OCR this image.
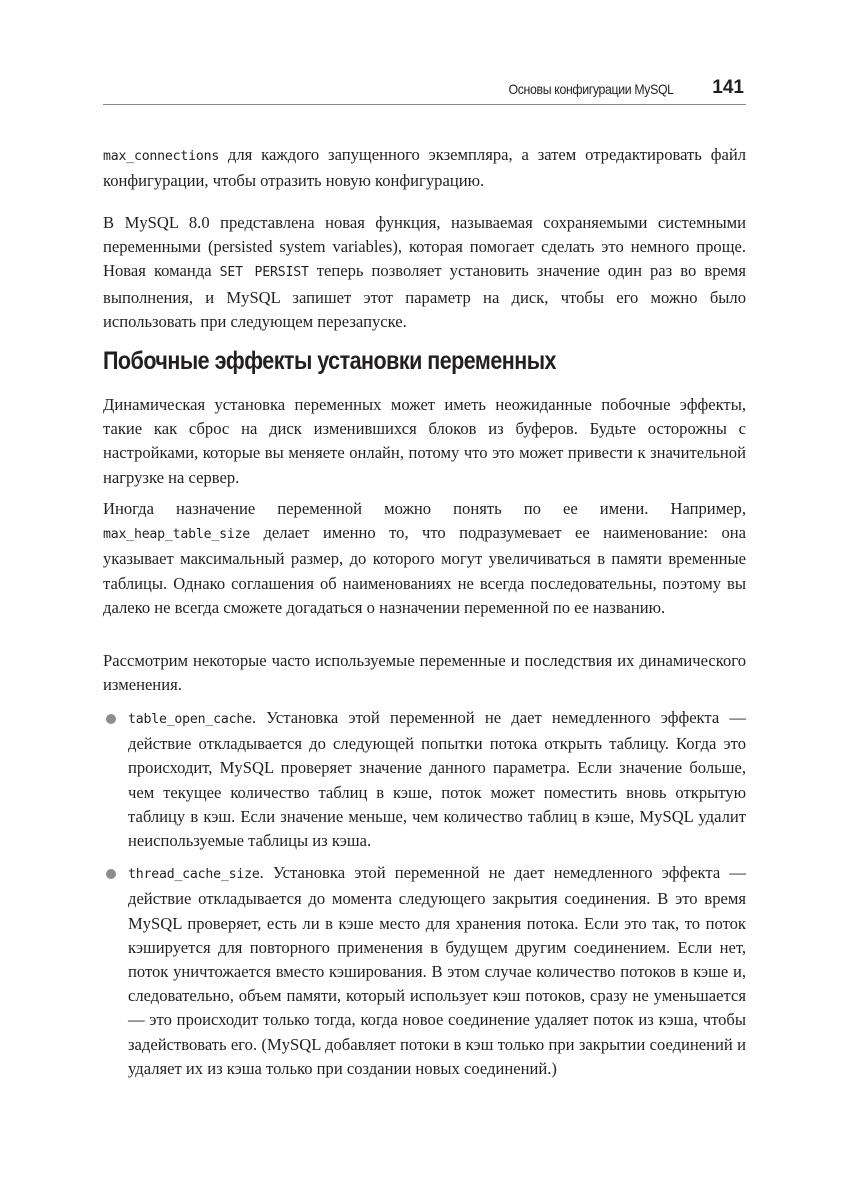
Основы конфигурации MySQL 141

max_connections для каждого запущенного экземпляра, а затем отредактировать файл конфигурации, чтобы отразить новую конфигурацию.

В MySQL 8.0 представлена новая функция, называемая сохраняемыми системными переменными (persisted system variables), которая помогает сделать это немного проще. Новая команда SET PERSIST теперь позволяет установить значение один раз во время выполнения, и MySQL запишет этот параметр на диск, чтобы его можно было использовать при следующем перезапуске.

Побочные эффекты установки переменных

Динамическая установка переменных может иметь неожиданные побочные эффекты, такие как сброс на диск изменившихся блоков из буферов. Будьте осторожны с настройками, которые вы меняете онлайн, потому что это может привести к значительной нагрузке на сервер.

Иногда назначение переменной можно понять по ее имени. Например, max_heap_table_size делает именно то, что подразумевает ее наименование: она указывает максимальный размер, до которого могут увеличиваться в памяти временные таблицы. Однако соглашения об наименованиях не всегда последовательны, поэтому вы далеко не всегда сможете догадаться о назначении переменной по ее названию.

Рассмотрим некоторые часто используемые переменные и последствия их динамического изменения.

table_open_cache. Установка этой переменной не дает немедленного эффекта — действие откладывается до следующей попытки потока открыть таблицу. Когда это происходит, MySQL проверяет значение данного параметра. Если значение больше, чем текущее количество таблиц в кэше, поток может поместить вновь открытую таблицу в кэш. Если значение меньше, чем количество таблиц в кэше, MySQL удалит неиспользуемые таблицы из кэша.
thread_cache_size. Установка этой переменной не дает немедленного эффекта — действие откладывается до момента следующего закрытия соединения. В это время MySQL проверяет, есть ли в кэше место для хранения потока. Если это так, то поток кэшируется для повторного применения в будущем другим соединением. Если нет, поток уничтожается вместо кэширования. В этом случае количество потоков в кэше и, следовательно, объем памяти, который использует кэш потоков, сразу не уменьшается — это происходит только тогда, когда новое соединение удаляет поток из кэша, чтобы задействовать его. (MySQL добавляет потоки в кэш только при закрытии соединений и удаляет их из кэша только при создании новых соединений.)
